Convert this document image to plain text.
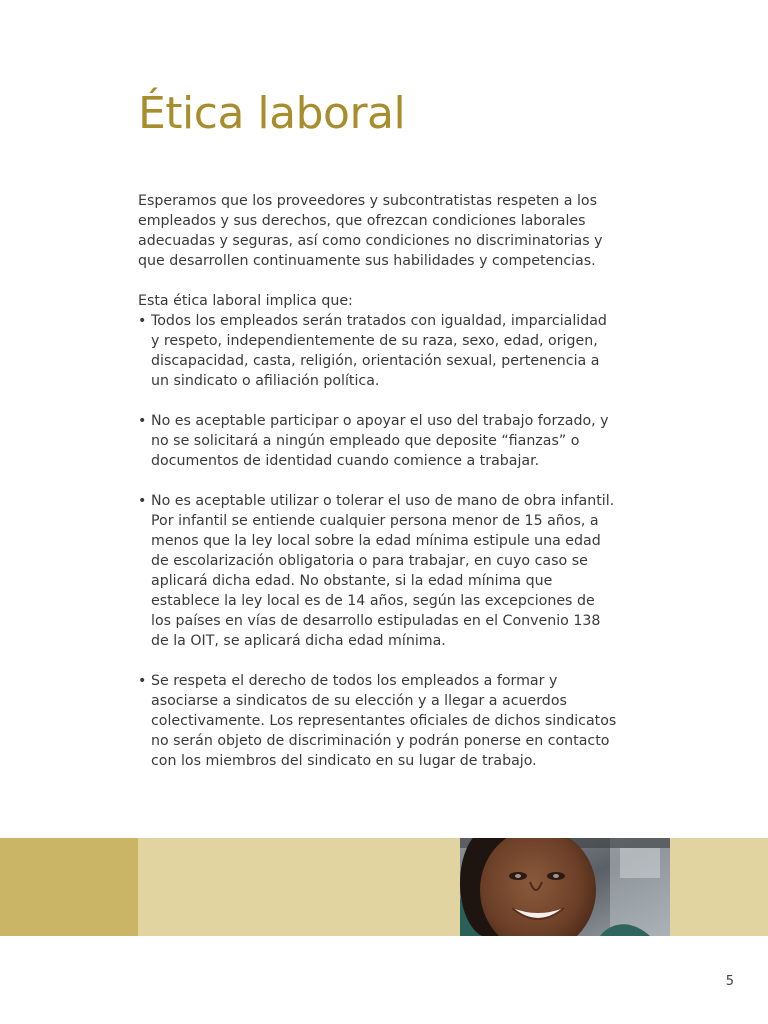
Ética laboral

Esperamos que los proveedores y subcontratistas respeten a los empleados y sus derechos, que ofrezcan condiciones laborales adecuadas y seguras, así como condiciones no discriminatorias y que desarrollen continuamente sus habilidades y competencias.

Esta ética laboral implica que:
• Todos los empleados serán tratados con igualdad, imparcialidad y respeto, independientemente de su raza, sexo, edad, origen, discapacidad, casta, religión, orientación sexual, pertenencia a un sindicato o afiliación política.
• No es aceptable participar o apoyar el uso del trabajo forzado, y no se solicitará a ningún empleado que deposite “fianzas” o documentos de identidad cuando comience a trabajar.
• No es aceptable utilizar o tolerar el uso de mano de obra infantil. Por infantil se entiende cualquier persona menor de 15 años, a menos que la ley local sobre la edad mínima estipule una edad de escolarización obligatoria o para trabajar, en cuyo caso se aplicará dicha edad. No obstante, si la edad mínima que establece la ley local es de 14 años, según las excepciones de los países en vías de desarrollo estipuladas en el Convenio 138 de la OIT, se aplicará dicha edad mínima.
• Se respeta el derecho de todos los empleados a formar y asociarse a sindicatos de su elección y a llegar a acuerdos colectivamente. Los representantes oficiales de dichos sindicatos no serán objeto de discriminación y podrán ponerse en contacto con los miembros del sindicato en su lugar de trabajo.
5
